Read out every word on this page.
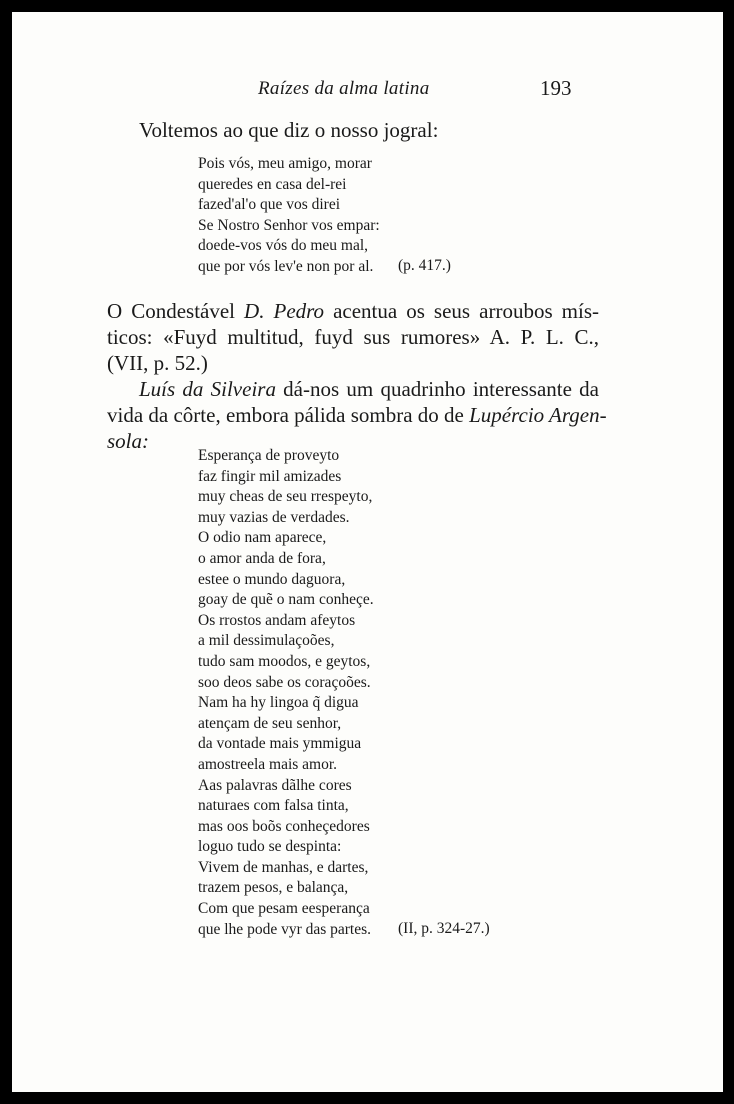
Raízes da alma latina	193
Voltemos ao que diz o nosso jogral:
Pois vós, meu amigo, morar
queredes en casa del-rei
fazed'al'o que vos direi
Se Nostro Senhor vos empar:
doede-vos vós do meu mal,
que por vós lev'e non por al.	(p. 417.)
O Condestável D. Pedro acentua os seus arroubos mís-
ticos: «Fuyd multitud, fuyd sus rumores» A. P. L. C.,
(VII, p. 52.)
Luís da Silveira dá-nos um quadrinho interessante da
vida da côrte, embora pálida sombra do de Lupércio Argen-
sola:
Esperança de proveyto
faz fingir mil amizades
muy cheas de seu rrespeyto,
muy vazias de verdades.
O odio nam aparece,
o amor anda de fora,
estee o mundo daguora,
goay de quẽ o nam conheçe.
Os rrostos andam afeytos
a mil dessimulaçoões,
tudo sam moodos, e geytos,
soo deos sabe os coraçoões.
Nam ha hy lingoa q̃ digua
atençam de seu senhor,
da vontade mais ymmigua
amostreela mais amor.
Aas palavras dãlhe cores
naturaes com falsa tinta,
mas oos boõs conheçedores
loguo tudo se despinta:
Vivem de manhas, e dartes,
trazem pesos, e balança,
Com que pesam eesperança
que lhe pode vyr das partes. (II, p. 324-27.)
